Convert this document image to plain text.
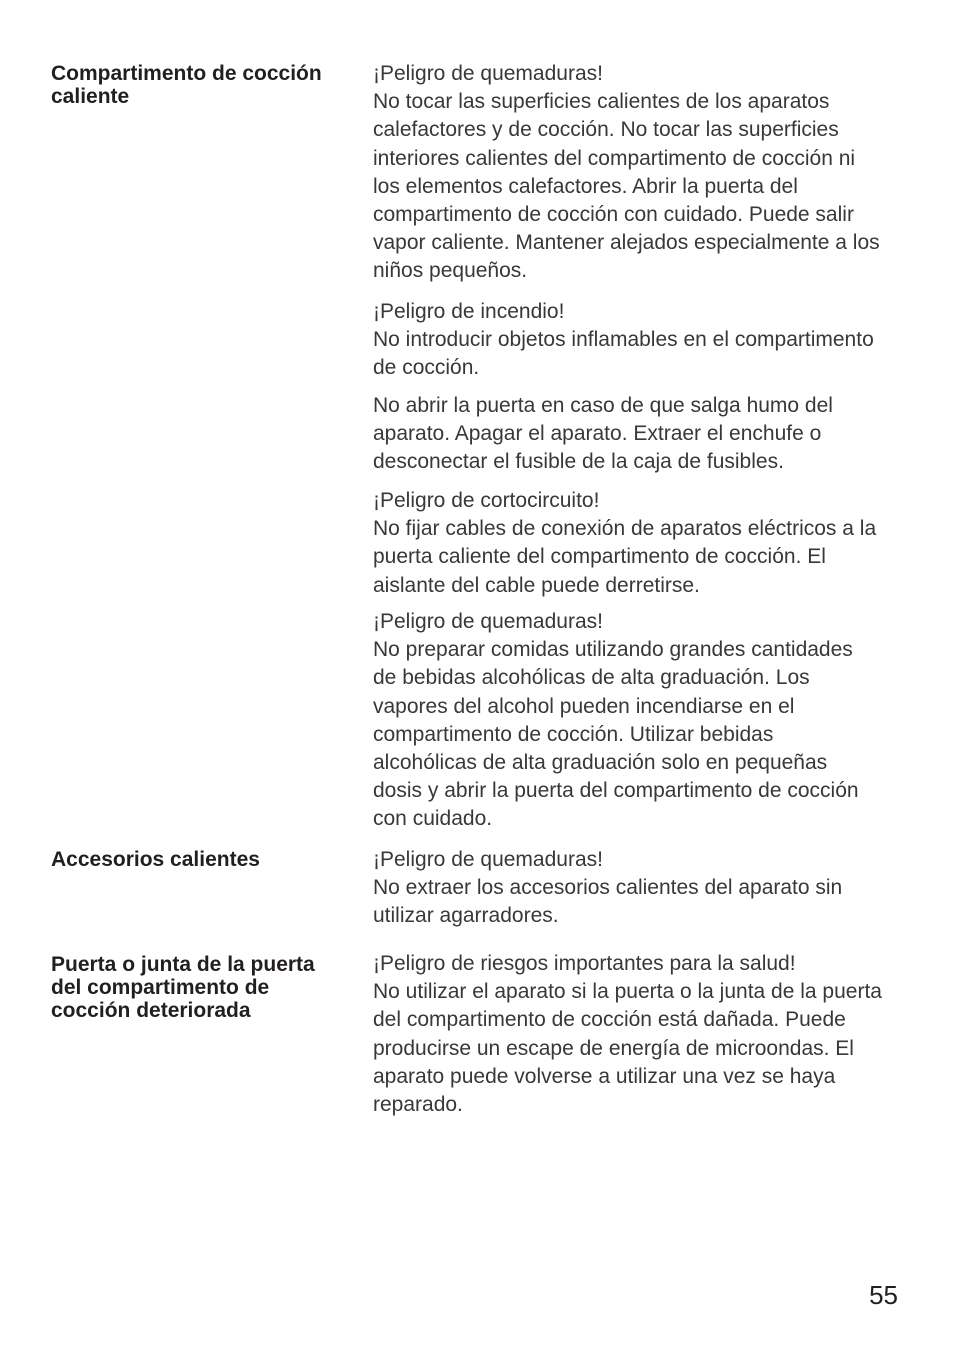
Compartimento de cocción
caliente

¡Peligro de quemaduras!
No tocar las superficies calientes de los aparatos
calefactores y de cocción. No tocar las superficies
interiores calientes del compartimento de cocción ni
los elementos calefactores. Abrir la puerta del
compartimento de cocción con cuidado. Puede salir
vapor caliente. Mantener alejados especialmente a los
niños pequeños.

¡Peligro de incendio!
No introducir objetos inflamables en el compartimento
de cocción.

No abrir la puerta en caso de que salga humo del
aparato. Apagar el aparato. Extraer el enchufe o
desconectar el fusible de la caja de fusibles.

¡Peligro de cortocircuito!
No fijar cables de conexión de aparatos eléctricos a la
puerta caliente del compartimento de cocción. El
aislante del cable puede derretirse.

¡Peligro de quemaduras!
No preparar comidas utilizando grandes cantidades
de bebidas alcohólicas de alta graduación. Los
vapores del alcohol pueden incendiarse en el
compartimento de cocción. Utilizar bebidas
alcohólicas de alta graduación solo en pequeñas
dosis y abrir la puerta del compartimento de cocción
con cuidado.

Accesorios calientes	¡Peligro de quemaduras!
No extraer los accesorios calientes del aparato sin
utilizar agarradores.

Puerta o junta de la puerta
del compartimento de
cocción deteriorada

¡Peligro de riesgos importantes para la salud!
No utilizar el aparato si la puerta o la junta de la puerta
del compartimento de cocción está dañada. Puede
producirse un escape de energía de microondas. El
aparato puede volverse a utilizar una vez se haya
reparado.

55
